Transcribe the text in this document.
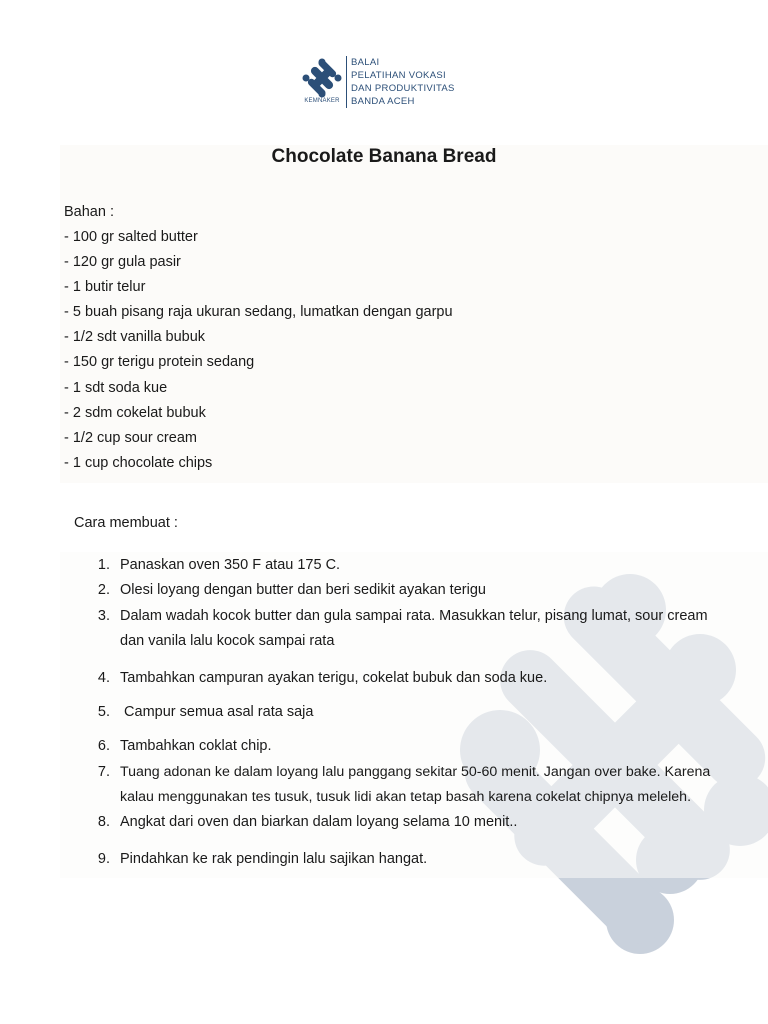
KEMNAKER
BALAI
PELATIHAN VOKASI
DAN PRODUKTIVITAS
BANDA ACEH
Chocolate Banana Bread
Bahan :
- 100 gr salted butter
- 120 gr gula pasir
- 1 butir telur
- 5 buah pisang raja ukuran sedang, lumatkan dengan garpu
- 1/2 sdt vanilla bubuk
- 150 gr terigu protein sedang
- 1 sdt soda kue
- 2 sdm cokelat bubuk
- 1/2 cup sour cream
- 1 cup chocolate chips
Cara membuat :
1. Panaskan oven 350 F atau 175 C.
2. Olesi loyang dengan butter dan beri sedikit ayakan terigu
3. Dalam wadah kocok butter dan gula sampai rata. Masukkan telur, pisang lumat, sour cream
dan vanila lalu kocok sampai rata
4. Tambahkan campuran ayakan terigu, cokelat bubuk dan soda kue.
5. Campur semua asal rata saja
6. Tambahkan coklat chip.
7. Tuang adonan ke dalam loyang lalu panggang sekitar 50-60 menit. Jangan over bake. Karena
kalau menggunakan tes tusuk, tusuk lidi akan tetap basah karena cokelat chipnya meleleh.
8. Angkat dari oven dan biarkan dalam loyang selama 10 menit..
9. Pindahkan ke rak pendingin lalu sajikan hangat.
